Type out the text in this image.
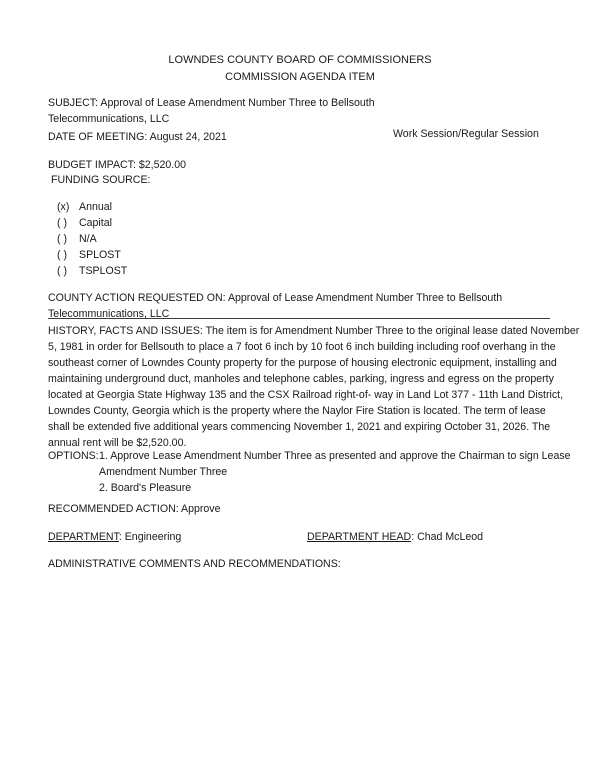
LOWNDES COUNTY BOARD OF COMMISSIONERS
COMMISSION AGENDA ITEM
SUBJECT: Approval of Lease Amendment Number Three to Bellsouth
Telecommunications, LLC
DATE OF MEETING: August 24, 2021	Work Session/Regular Session
BUDGET IMPACT: $2,520.00
FUNDING SOURCE:
(x) Annual
( )	Capital
( )	N/A
( )	SPLOST
( )	TSPLOST
COUNTY ACTION REQUESTED ON: Approval of Lease Amendment Number Three to Bellsouth
Telecommunications, LLC
HISTORY, FACTS AND ISSUES: The item is for Amendment Number Three to the original lease dated November
5, 1981 in order for Bellsouth to place a 7 foot 6 inch by 10 foot 6 inch building including roof overhang in the
southeast corner of Lowndes County property for the purpose of housing electronic equipment, installing and
maintaining underground duct, manholes and telephone cables, parking, ingress and egress on the property
located at Georgia State Highway 135 and the CSX Railroad right-of- way in Land Lot 377 - 11th Land District,
Lowndes County, Georgia which is the property where the Naylor Fire Station is located. The term of lease
shall be extended five additional years commencing November 1, 2021 and expiring October 31, 2026. The
annual rent will be $2,520.00.
OPTIONS: 1. Approve Lease Amendment Number Three as presented and approve the Chairman to sign Lease
Amendment Number Three
2. Board's Pleasure
RECOMMENDED ACTION: Approve
DEPARTMENT: Engineering	DEPARTMENT HEAD: Chad McLeod
ADMINISTRATIVE COMMENTS AND RECOMMENDATIONS:
